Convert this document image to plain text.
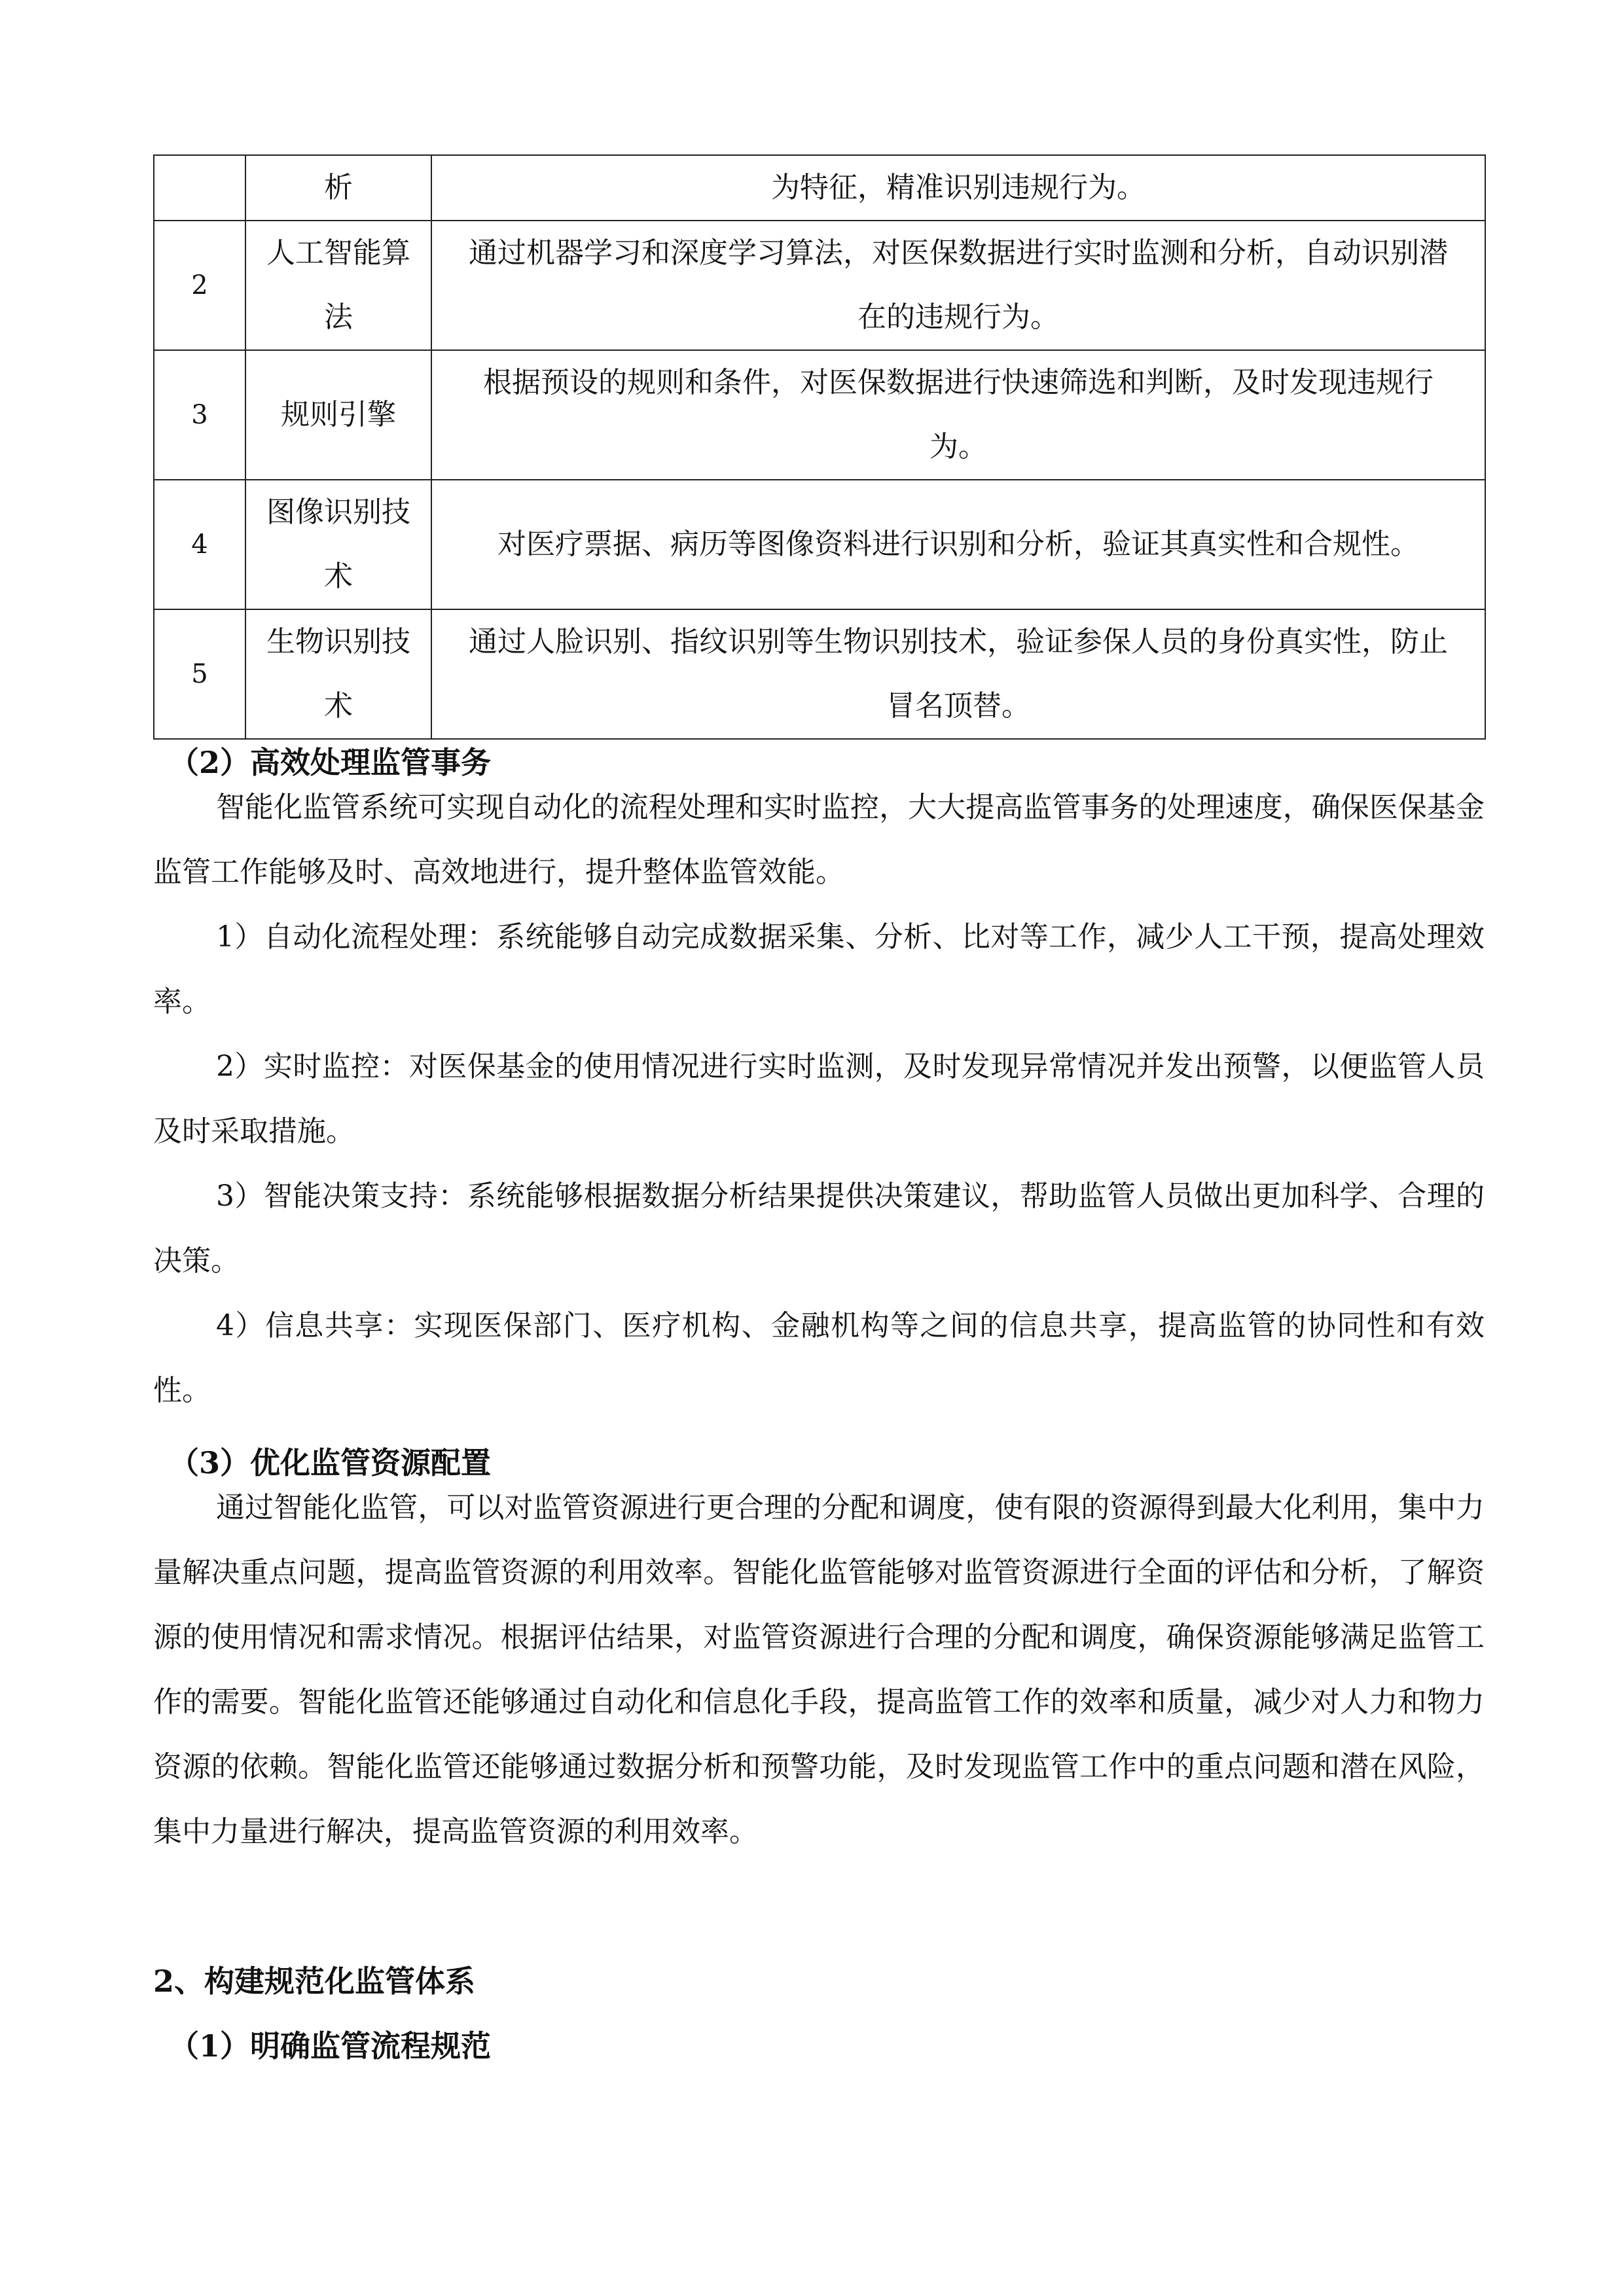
	析	为特征，精准识别违规行为。
2	人工智能算法	通过机器学习和深度学习算法，对医保数据进行实时监测和分析，自动识别潜在的违规行为。
3	规则引擎	根据预设的规则和条件，对医保数据进行快速筛选和判断，及时发现违规行为。
4	图像识别技术	对医疗票据、病历等图像资料进行识别和分析，验证其真实性和合规性。
5	生物识别技术	通过人脸识别、指纹识别等生物识别技术，验证参保人员的身份真实性，防止冒名顶替。
（2）高效处理监管事务

智能化监管系统可实现自动化的流程处理和实时监控，大大提高监管事务的处理速度，确保医保基金监管工作能够及时、高效地进行，提升整体监管效能。

1）自动化流程处理：系统能够自动完成数据采集、分析、比对等工作，减少人工干预，提高处理效率。

2）实时监控：对医保基金的使用情况进行实时监测，及时发现异常情况并发出预警，以便监管人员及时采取措施。

3）智能决策支持：系统能够根据数据分析结果提供决策建议，帮助监管人员做出更加科学、合理的决策。

4）信息共享：实现医保部门、医疗机构、金融机构等之间的信息共享，提高监管的协同性和有效性。

（3）优化监管资源配置

通过智能化监管，可以对监管资源进行更合理的分配和调度，使有限的资源得到最大化利用，集中力量解决重点问题，提高监管资源的利用效率。智能化监管能够对监管资源进行全面的评估和分析，了解资源的使用情况和需求情况。根据评估结果，对监管资源进行合理的分配和调度，确保资源能够满足监管工作的需要。智能化监管还能够通过自动化和信息化手段，提高监管工作的效率和质量，减少对人力和物力资源的依赖。智能化监管还能够通过数据分析和预警功能，及时发现监管工作中的重点问题和潜在风险，集中力量进行解决，提高监管资源的利用效率。

2、构建规范化监管体系
（1）明确监管流程规范
